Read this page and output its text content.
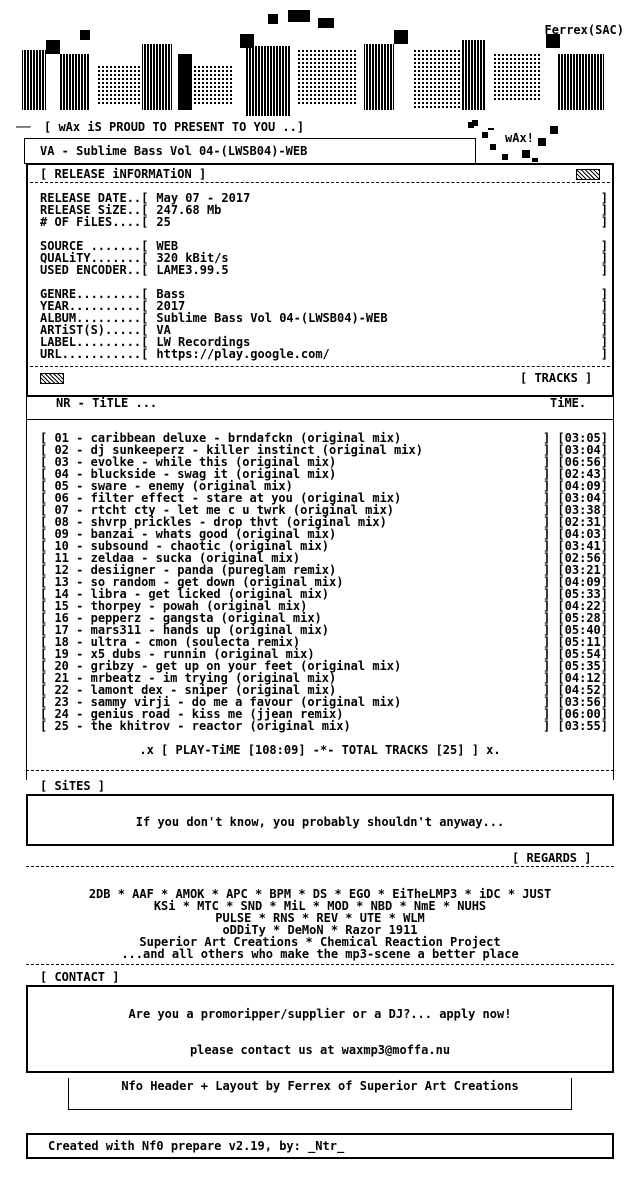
Ferrex(SAC)
[ wAx iS PROUD TO PRESENT TO YOU ..]
──
wAx!
VA - Sublime Bass Vol 04-(LWSB04)-WEB
[ RELEASE iNFORMATiON ]
RELEASE DATE..[ May 07 - 2017	]
RELEASE SiZE..[ 247.68 Mb	]
# OF FiLES....[ 25	]
SOURCE .......[ WEB	]
QUALiTY.......[ 320 kBit/s	]
USED ENCODER..[ LAME3.99.5	]
GENRE.........[ Bass	]
YEAR..........[ 2017	]
ALBUM.........[ Sublime Bass Vol 04-(LWSB04)-WEB	]
ARTiST(S).....[ VA	]
LABEL.........[ LW Recordings	]
URL...........[ https://play.google.com/	]
[ TRACKS ]
NR - TiTLE ...	TiME.
[ 01 - caribbean deluxe - brndafckn (original mix)	] [03:05]
[ 02 - dj sunkeeperz - killer instinct (original mix)	] [03:04]
[ 03 - evolke - while this (original mix)	] [06:56]
[ 04 - bluckside - swag it (original mix)	] [02:43]
[ 05 - sware - enemy (original mix)	] [04:09]
[ 06 - filter effect - stare at you (original mix)	] [03:04]
[ 07 - rtcht cty - let me c u twrk (original mix)	] [03:38]
[ 08 - shvrp prickles - drop thvt (original mix)	] [02:31]
[ 09 - banzai - whats good (original mix)	] [04:03]
[ 10 - subsound - chaotic (original mix)	] [03:41]
[ 11 - zeldaa - sucka (original mix)	] [02:56]
[ 12 - desiigner - panda (pureglam remix)	] [03:21]
[ 13 - so random - get down (original mix)	] [04:09]
[ 14 - libra - get licked (original mix)	] [05:33]
[ 15 - thorpey - powah (original mix)	] [04:22]
[ 16 - pepperz - gangsta (original mix)	] [05:28]
[ 17 - mars311 - hands up (original mix)	] [05:40]
[ 18 - ultra - cmon (soulecta remix)	] [05:11]
[ 19 - x5 dubs - runnin (original mix)	] [05:54]
[ 20 - gribzy - get up on your feet (original mix)	] [05:35]
[ 21 - mrbeatz - im trying (original mix)	] [04:12]
[ 22 - lamont dex - sniper (original mix)	] [04:52]
[ 23 - sammy virji - do me a favour (original mix)	] [03:56]
[ 24 - genius road - kiss me (jjean remix)	] [06:00]
[ 25 - the khitrov - reactor (original mix)	] [03:55]
.x [ PLAY-TiME [108:09] -*- TOTAL TRACKS [25] ] x.
[ SiTES ]
If you don't know, you probably shouldn't anyway...
[ REGARDS ]
2DB * AAF * AMOK * APC * BPM * DS * EGO * EiTheLMP3 * iDC * JUST
KSi * MTC * SND * MiL * MOD * NBD * NmE * NUHS
PULSE * RNS * REV * UTE * WLM
oDDiTy * DeMoN * Razor 1911
Superior Art Creations * Chemical Reaction Project
...and all others who make the mp3-scene a better place
[ CONTACT ]
Are you a promoripper/supplier or a DJ?... apply now!
please contact us at waxmp3@moffa.nu
Nfo Header + Layout by Ferrex of Superior Art Creations
Created with Nf0 prepare v2.19, by: _Ntr_
